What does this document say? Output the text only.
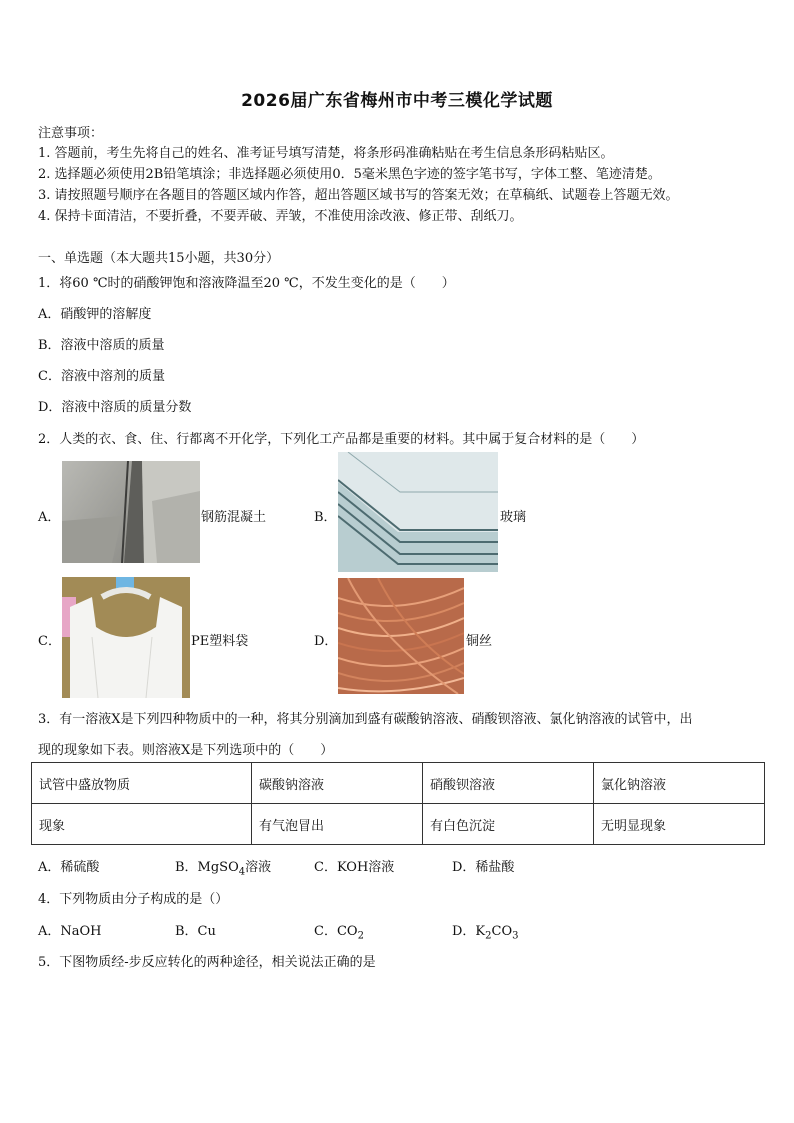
2026届广东省梅州市中考三模化学试题
注意事项：
1. 答题前，考生先将自己的姓名、准考证号填写清楚，将条形码准确粘贴在考生信息条形码粘贴区。
2. 选择题必须使用2B铅笔填涂；非选择题必须使用0．5毫米黑色字迹的签字笔书写，字体工整、笔迹清楚。
3. 请按照题号顺序在各题目的答题区域内作答，超出答题区域书写的答案无效；在草稿纸、试题卷上答题无效。
4. 保持卡面清洁，不要折叠，不要弄破、弄皱，不准使用涂改液、修正带、刮纸刀。
一、单选题（本大题共15小题，共30分）
1．将60 ℃时的硝酸钾饱和溶液降温至20 ℃，不发生变化的是（　　）
A．硝酸钾的溶解度
B．溶液中溶质的质量
C．溶液中溶剂的质量
D．溶液中溶质的质量分数
2．人类的衣、食、住、行都离不开化学，下列化工产品都是重要的材料。其中属于复合材料的是（　　）
A．	钢筋混凝土	B．	玻璃
C．	PE塑料袋	D．	铜丝
3．有一溶液X是下列四种物质中的一种，将其分别滴加到盛有碳酸钠溶液、硝酸钡溶液、氯化钠溶液的试管中，出
现的现象如下表。则溶液X是下列选项中的（　　）
试管中盛放物质	碳酸钠溶液	硝酸钡溶液	氯化钠溶液
现象	有气泡冒出	有白色沉淀	无明显现象
A．稀硫酸	B．MgSO$_4$溶液	C．KOH溶液	D．稀盐酸
4．下列物质由分子构成的是（）
A．NaOH	B．Cu	C．$CO_2$	D．$K_2CO_3$
5．下图物质经-步反应转化的两种途径，相关说法正确的是
